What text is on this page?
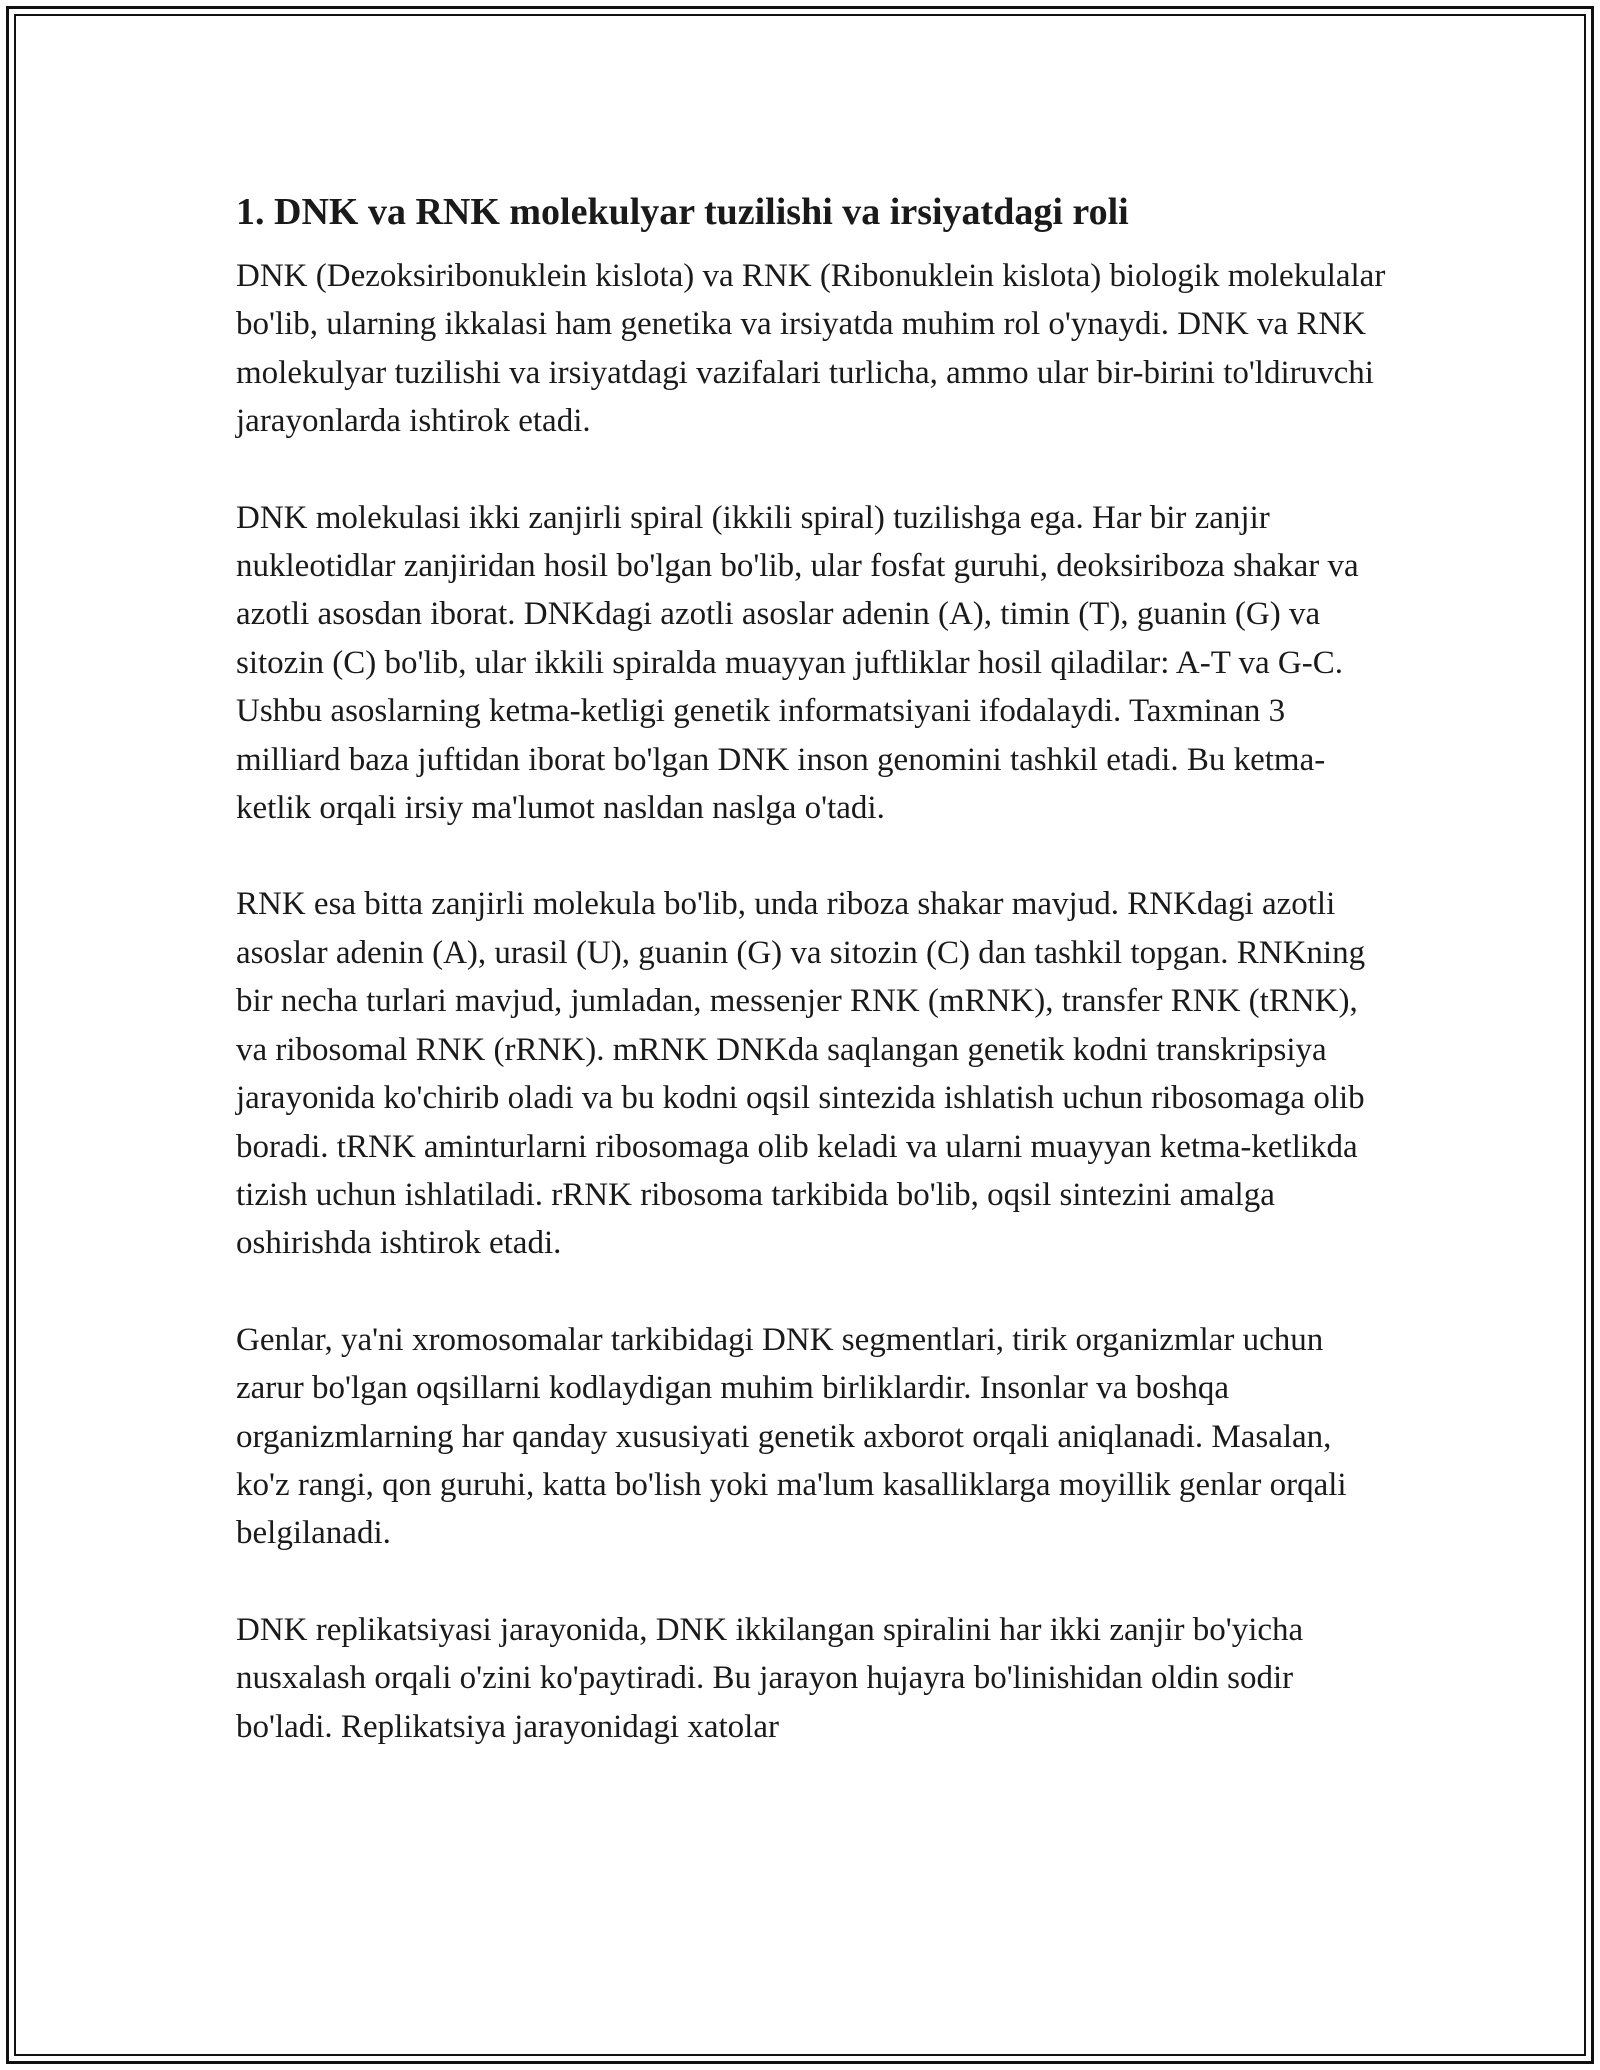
1. DNK va RNK molekulyar tuzilishi va irsiyatdagi roli

DNK (Dezoksiribonuklein kislota) va RNK (Ribonuklein kislota) biologik molekulalar bo'lib, ularning ikkalasi ham genetika va irsiyatda muhim rol o'ynaydi. DNK va RNK molekulyar tuzilishi va irsiyatdagi vazifalari turlicha, ammo ular bir-birini to'ldiruvchi jarayonlarda ishtirok etadi.

DNK molekulasi ikki zanjirli spiral (ikkili spiral) tuzilishga ega. Har bir zanjir nukleotidlar zanjiridan hosil bo'lgan bo'lib, ular fosfat guruhi, deoksiriboza shakar va azotli asosdan iborat. DNKdagi azotli asoslar adenin (A), timin (T), guanin (G) va sitozin (C) bo'lib, ular ikkili spiralda muayyan juftliklar hosil qiladilar: A-T va G-C. Ushbu asoslarning ketma-ketligi genetik informatsiyani ifodalaydi. Taxminan 3 milliard baza juftidan iborat bo'lgan DNK inson genomini tashkil etadi. Bu ketma-ketlik orqali irsiy ma'lumot nasldan naslga o'tadi.

RNK esa bitta zanjirli molekula bo'lib, unda riboza shakar mavjud. RNKdagi azotli asoslar adenin (A), urasil (U), guanin (G) va sitozin (C) dan tashkil topgan. RNKning bir necha turlari mavjud, jumladan, messenjer RNK (mRNK), transfer RNK (tRNK), va ribosomal RNK (rRNK). mRNK DNKda saqlangan genetik kodni transkripsiya jarayonida ko'chirib oladi va bu kodni oqsil sintezida ishlatish uchun ribosomaga olib boradi. tRNK aminturlarni ribosomaga olib keladi va ularni muayyan ketma-ketlikda tizish uchun ishlatiladi. rRNK ribosoma tarkibida bo'lib, oqsil sintezini amalga oshirishda ishtirok etadi.

Genlar, ya'ni xromosomalar tarkibidagi DNK segmentlari, tirik organizmlar uchun zarur bo'lgan oqsillarni kodlaydigan muhim birliklardir. Insonlar va boshqa organizmlarning har qanday xususiyati genetik axborot orqali aniqlanadi. Masalan, ko'z rangi, qon guruhi, katta bo'lish yoki ma'lum kasalliklarga moyillik genlar orqali belgilanadi.

DNK replikatsiyasi jarayonida, DNK ikkilangan spiralini har ikki zanjir bo'yicha nusxalash orqali o'zini ko'paytiradi. Bu jarayon hujayra bo'linishidan oldin sodir bo'ladi. Replikatsiya jarayonidagi xatolar
